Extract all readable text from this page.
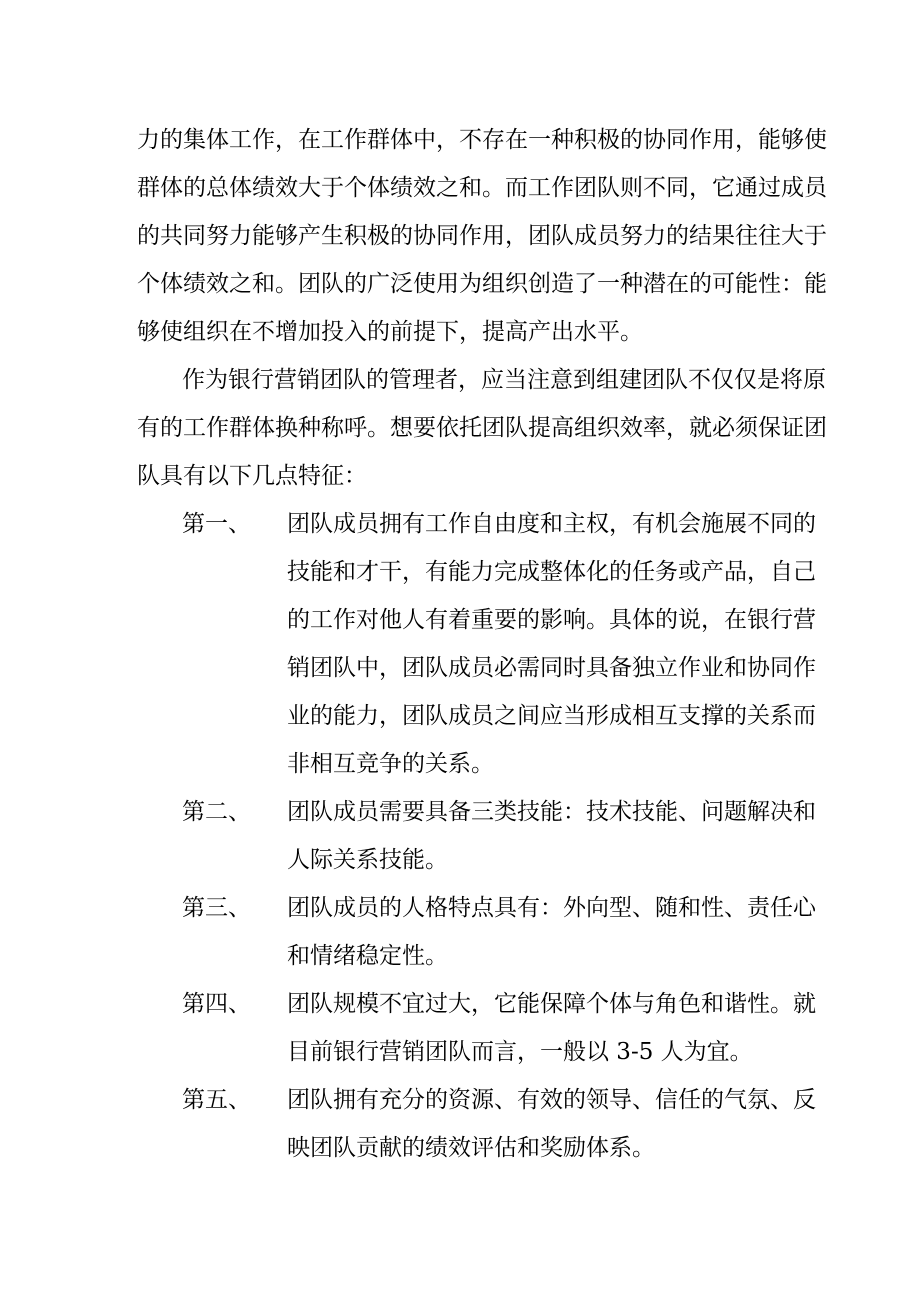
力的集体工作，在工作群体中，不存在一种积极的协同作用，能够使
群体的总体绩效大于个体绩效之和。而工作团队则不同，它通过成员
的共同努力能够产生积极的协同作用，团队成员努力的结果往往大于
个体绩效之和。团队的广泛使用为组织创造了一种潜在的可能性：能
够使组织在不增加投入的前提下，提高产出水平。
作为银行营销团队的管理者，应当注意到组建团队不仅仅是将原
有的工作群体换种称呼。想要依托团队提高组织效率，就必须保证团
队具有以下几点特征：
第一、 团队成员拥有工作自由度和主权，有机会施展不同的
技能和才干，有能力完成整体化的任务或产品，自己
的工作对他人有着重要的影响。具体的说，在银行营
销团队中，团队成员必需同时具备独立作业和协同作
业的能力，团队成员之间应当形成相互支撑的关系而
非相互竞争的关系。
第二、 团队成员需要具备三类技能：技术技能、问题解决和
人际关系技能。
第三、 团队成员的人格特点具有：外向型、随和性、责任心
和情绪稳定性。
第四、 团队规模不宜过大，它能保障个体与角色和谐性。就
目前银行营销团队而言，一般以 3-5 人为宜。
第五、 团队拥有充分的资源、有效的领导、信任的气氛、反
映团队贡献的绩效评估和奖励体系。
